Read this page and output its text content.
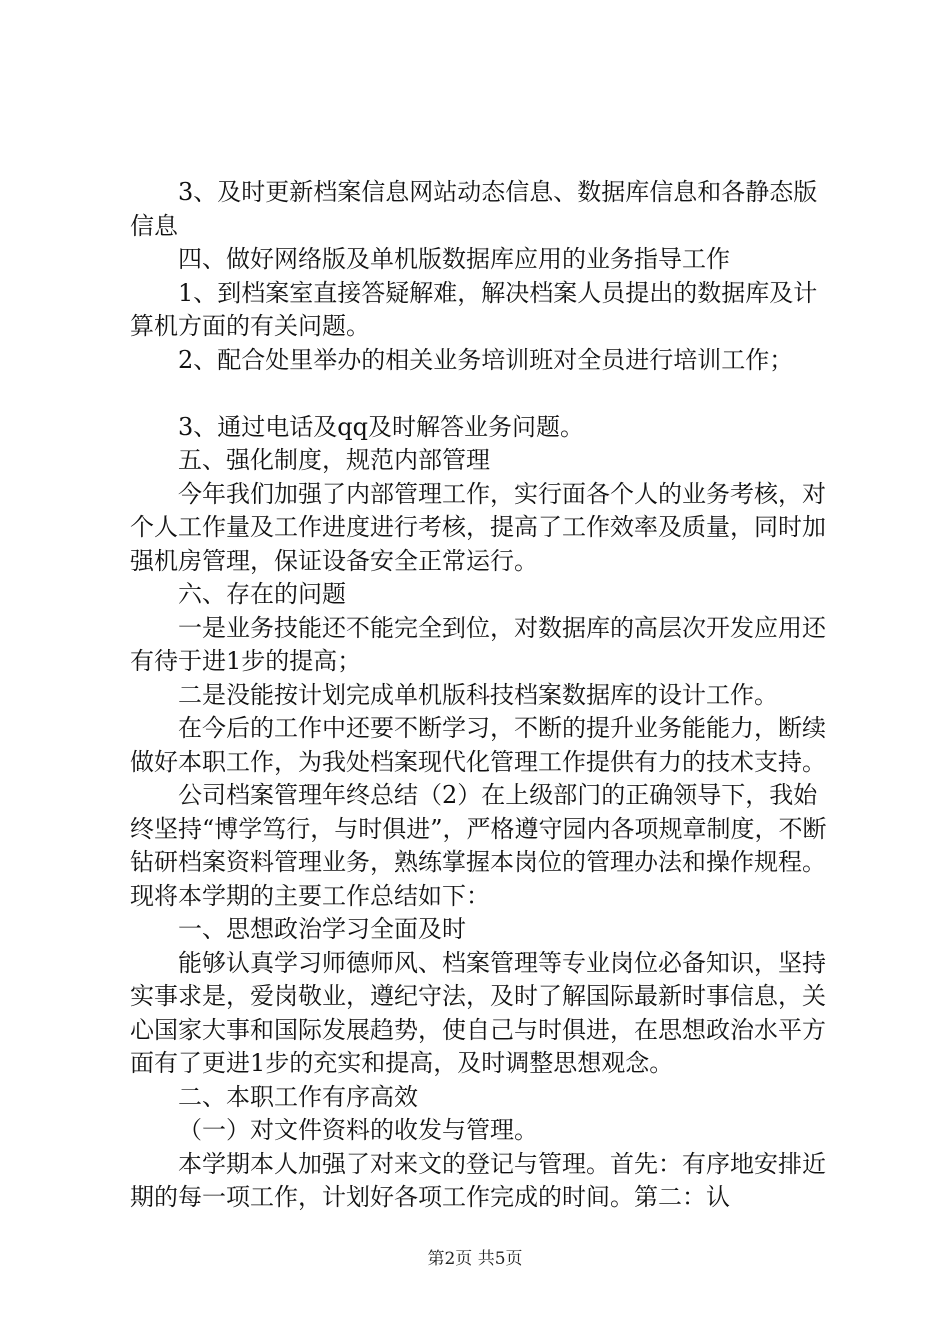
3、及时更新档案信息网站动态信息、数据库信息和各静态版信息

四、做好网络版及单机版数据库应用的业务指导工作

1、到档案室直接答疑解难，解决档案人员提出的数据库及计算机方面的有关问题。

2、配合处里举办的相关业务培训班对全员进行培训工作；

3、通过电话及qq及时解答业务问题。

五、强化制度，规范内部管理

今年我们加强了内部管理工作，实行面各个人的业务考核，对个人工作量及工作进度进行考核，提高了工作效率及质量，同时加强机房管理，保证设备安全正常运行。

六、存在的问题

一是业务技能还不能完全到位，对数据库的高层次开发应用还有待于进1步的提高；

二是没能按计划完成单机版科技档案数据库的设计工作。

在今后的工作中还要不断学习，不断的提升业务能能力，断续做好本职工作，为我处档案现代化管理工作提供有力的技术支持。

公司档案管理年终总结（2）在上级部门的正确领导下，我始终坚持“博学笃行，与时俱进”，严格遵守园内各项规章制度，不断钻研档案资料管理业务，熟练掌握本岗位的管理办法和操作规程。现将本学期的主要工作总结如下：

一、思想政治学习全面及时

能够认真学习师德师风、档案管理等专业岗位必备知识，坚持实事求是，爱岗敬业，遵纪守法，及时了解国际最新时事信息，关心国家大事和国际发展趋势，使自己与时俱进，在思想政治水平方面有了更进1步的充实和提高，及时调整思想观念。

二、本职工作有序高效

（一）对文件资料的收发与管理。

本学期本人加强了对来文的登记与管理。首先：有序地安排近期的每一项工作，计划好各项工作完成的时间。第二：认

第2页 共5页
